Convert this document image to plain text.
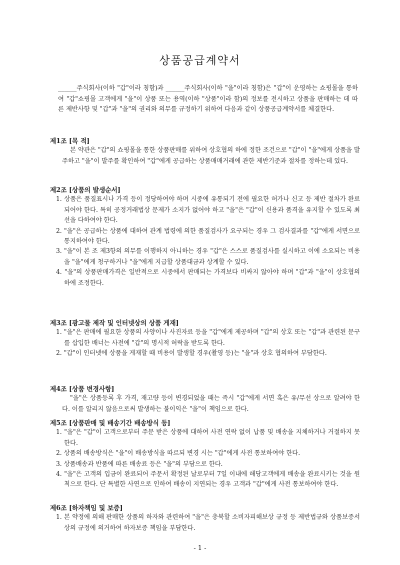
상품공급계약서

______주식회사(이하 "갑"이라 칭함)과 ______주식회사(이하 "을"이라 칭함)은 "갑"이 운영하는 쇼핑몰을 통하여 "갑"쇼핑몰 고객에게 "을"이 상품 또는 용역(이하 "상품"이라 함)의 정보를 전시하고 상품을 판매하는 데 따른 제반사항 및 "갑"과 "을"의 권리와 의무를 규정하기 위하여 다음과 같이 상품공급계약서를 체결한다.

제1조 [목 적]

본 약관은 "갑"의 쇼핑몰을 통한 상품판매를 위하여 상호협의 하에 정한 조건으로 "갑"이 "을"에게 상품을 발주하고 "을"이 발주를 확인하여 "갑"에게 공급하는 상품매매거래에 관한 제반기준과 절차를 정하는데 있다.

제2조 [상품의 발생순서]

1. 상품은 품질표시나 가격 등이 정당하여야 하며 시중에 유통되기 전에 필요한 허가나 신고 등 제반 절차가 완료되어야 한다. 특히 공정거래법상 문제가 소지가 없어야 하고 "을"은 "갑"이 신용과 품격을 유지할 수 있도록 최선을 다하여야 한다.
2. "을"은 공급하는 상품에 대하여 관계 법령에 의한 품질검사가 요구되는 경우 그 검사결과를 "갑"에게 서면으로 통지하여야 한다.
3. "을"이 본 조 제3항의 의무를 이행하지 아니하는 경우 "갑"은 스스로 품질검사를 실시하고 이에 소요되는 비용을 "을"에게 청구하거나 "을"에게 지급할 상품대금과 상계할 수 있다.
4. "을"의 상품판매가격은 일반적으로 시중에서 판매되는 가격보다 비싸지 않아야 하며 "갑"과 "을"이 상호협의 하에 조정한다.

제3조 [광고물 제작 및 인터넷상의 상품 게재]

1. "을"은 판매에 필요한 상품의 사양이나 사진자료 등을 "갑"에게 제공하며 "갑"의 상호 또는 "갑"과 관련된 문구를 삽입한 배너는 사전에 "갑"의 명시적 허락을 받도록 한다.
2. "갑"이 인터넷에 상품을 게재할 때 비용이 발생할 경우(촬영 등)는 "을"과 상호 협의하여 부담한다.

제4조 [상품 변경사항]

"을"은 상품등록 후 가격, 재고량 등이 변경되었을 때는 즉시 "갑"에게 서면 혹은 유/무선 상으로 알려야 한다. 이를 알리지 않음으로써 발생하는 불이익은 "을"이 책임으로 한다.

제5조 [상품판매 및 배송기간 배송방식 등]

1. "을"은 "갑"이 고객으로부터 주문 받은 상품에 대하여 사전 연락 없이 납품 및 배송을 지체하거나 거절하지 못한다.
2. 상품의 배송방식은 "을"이 배송방식을 따르되 변경 시는 "갑"에게 사전 통보하여야 한다.
3. 상품배송과 반품에 따른 배송료 등은 "을"의 부담으로 한다.
4. "을"은 고객의 입금이 완료되어 주문서 확정된 날로부터 7일 이내에 해당고객에게 배송을 완료시키는 것을 원칙으로 한다. 단 특별한 사연으로 인하여 배송이 지연되는 경우 고객과 "갑"에게 사전 통보하여야 한다.

제6조 [하자책임 및 보증]

1. 본 약정에 의해 판매한 상품의 하자와 관련하여 "을"은 충북할 소비자피해보상 규정 등 제반법규와 상품보증서상의 규정에 의거하여 하자보증 책임을 부담한다.
- 1 -
